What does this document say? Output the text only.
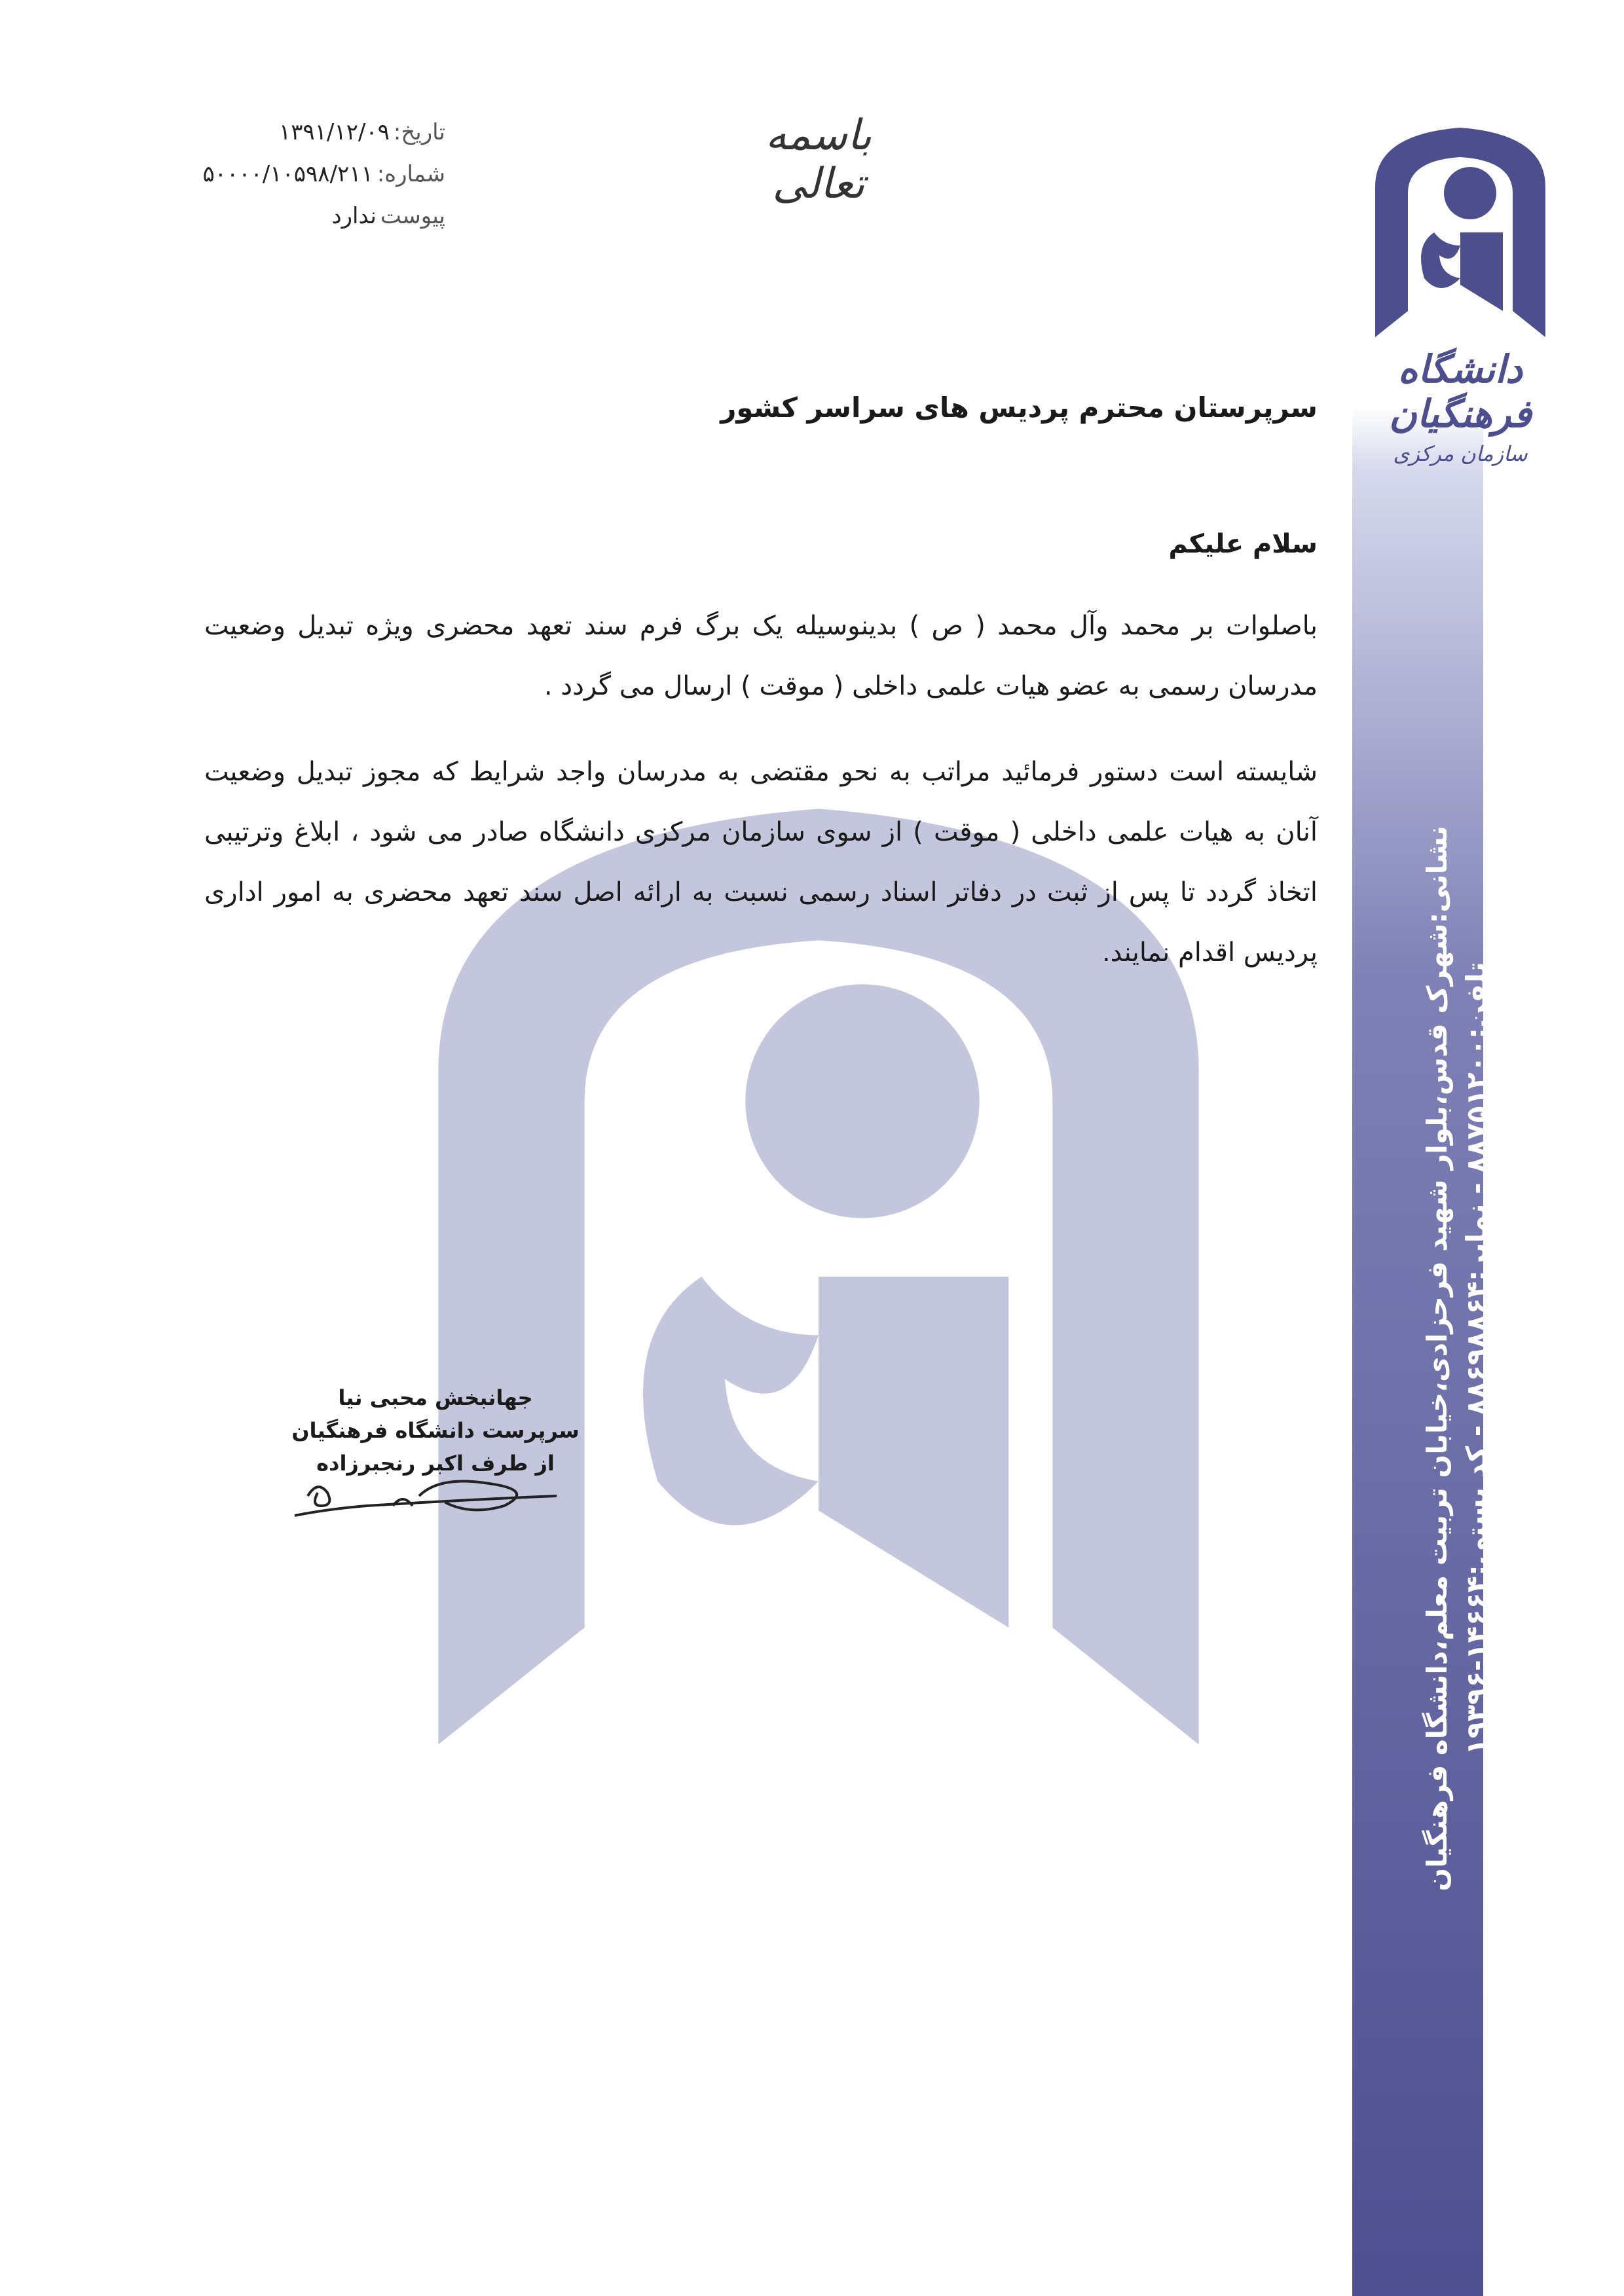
نشانی:شهرک قدس،بلوار شهید فرحزادی،خیابان تربیت معلم،دانشگاه فرهنگیان تلفن:۸۸۷۵۱۲۰۰ - نمابر:۸۸۶۹۸۸۶۴ - کد پستی:۱۴۶۶۴-۱۹۳۹۶
www.cfu.ac.ir
دانشگاه فرهنگیان
سازمان مرکزی
باسمه تعالی
تاریخ:
۱۳۹۱/۱۲/۰۹
شماره:
۵۰۰۰۰/۱۰۵۹۸/۲۱۱
پیوست
ندارد
سرپرستان محترم پردیس های سراسر کشور
سلام علیکم
باصلوات بر محمد وآل محمد ( ص ) بدینوسیله یک برگ فرم سند تعهد محضری ویژه تبدیل وضعیت مدرسان رسمی به عضو هیات علمی داخلی ( موقت ) ارسال می گردد .
شایسته است دستور فرمائید مراتب به نحو مقتضی به مدرسان واجد شرایط که مجوز تبدیل وضعیت آنان به هیات علمی داخلی ( موقت ) از سوی سازمان مرکزی دانشگاه صادر می شود ، ابلاغ وترتیبی اتخاذ گردد تا پس از ثبت در دفاتر اسناد رسمی نسبت به ارائه اصل سند تعهد محضری به امور اداری پردیس اقدام نمایند.
جهانبخش محبی نیا
سرپرست دانشگاه فرهنگیان
از طرف اکبر رنجبرزاده
